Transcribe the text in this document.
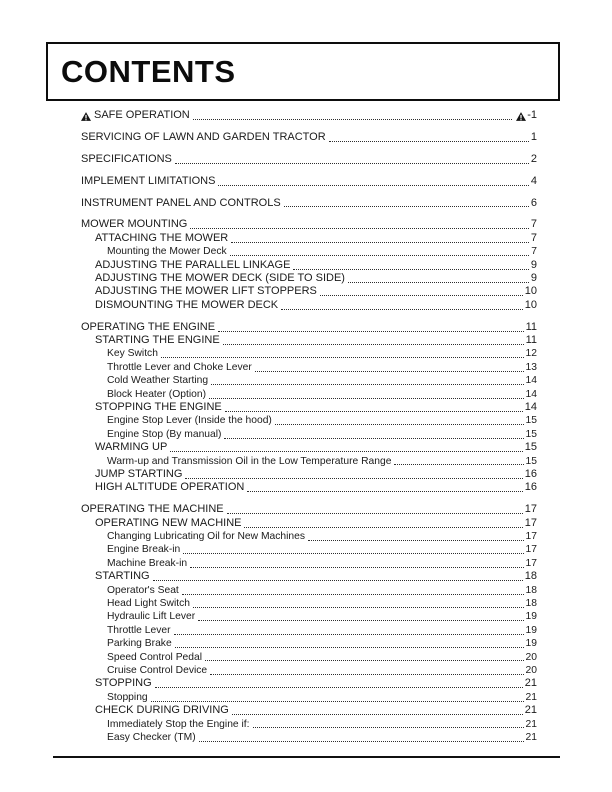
CONTENTS
SAFE OPERATION	-1
SERVICING OF LAWN AND GARDEN TRACTOR	1
SPECIFICATIONS	2
IMPLEMENT LIMITATIONS	4
INSTRUMENT PANEL AND CONTROLS	6
MOWER MOUNTING	7
ATTACHING THE MOWER	7
Mounting the Mower Deck	7
ADJUSTING THE PARALLEL LINKAGE	9
ADJUSTING THE MOWER DECK (SIDE TO SIDE)	9
ADJUSTING THE MOWER LIFT STOPPERS	10
DISMOUNTING THE MOWER DECK	10
OPERATING THE ENGINE	11
STARTING THE ENGINE	11
Key Switch	12
Throttle Lever and Choke Lever	13
Cold Weather Starting	14
Block Heater (Option)	14
STOPPING THE ENGINE	14
Engine Stop Lever (Inside the hood)	15
Engine Stop (By manual)	15
WARMING UP	15
Warm-up and Transmission Oil in the Low Temperature Range	15
JUMP STARTING	16
HIGH ALTITUDE OPERATION	16
OPERATING THE MACHINE	17
OPERATING NEW MACHINE	17
Changing Lubricating Oil for New Machines	17
Engine Break-in	17
Machine Break-in	17
STARTING	18
Operator's Seat	18
Head Light Switch	18
Hydraulic Lift Lever	19
Throttle Lever	19
Parking Brake	19
Speed Control Pedal	20
Cruise Control Device	20
STOPPING	21
Stopping	21
CHECK DURING DRIVING	21
Immediately Stop the Engine if:	21
Easy Checker (TM)	21
